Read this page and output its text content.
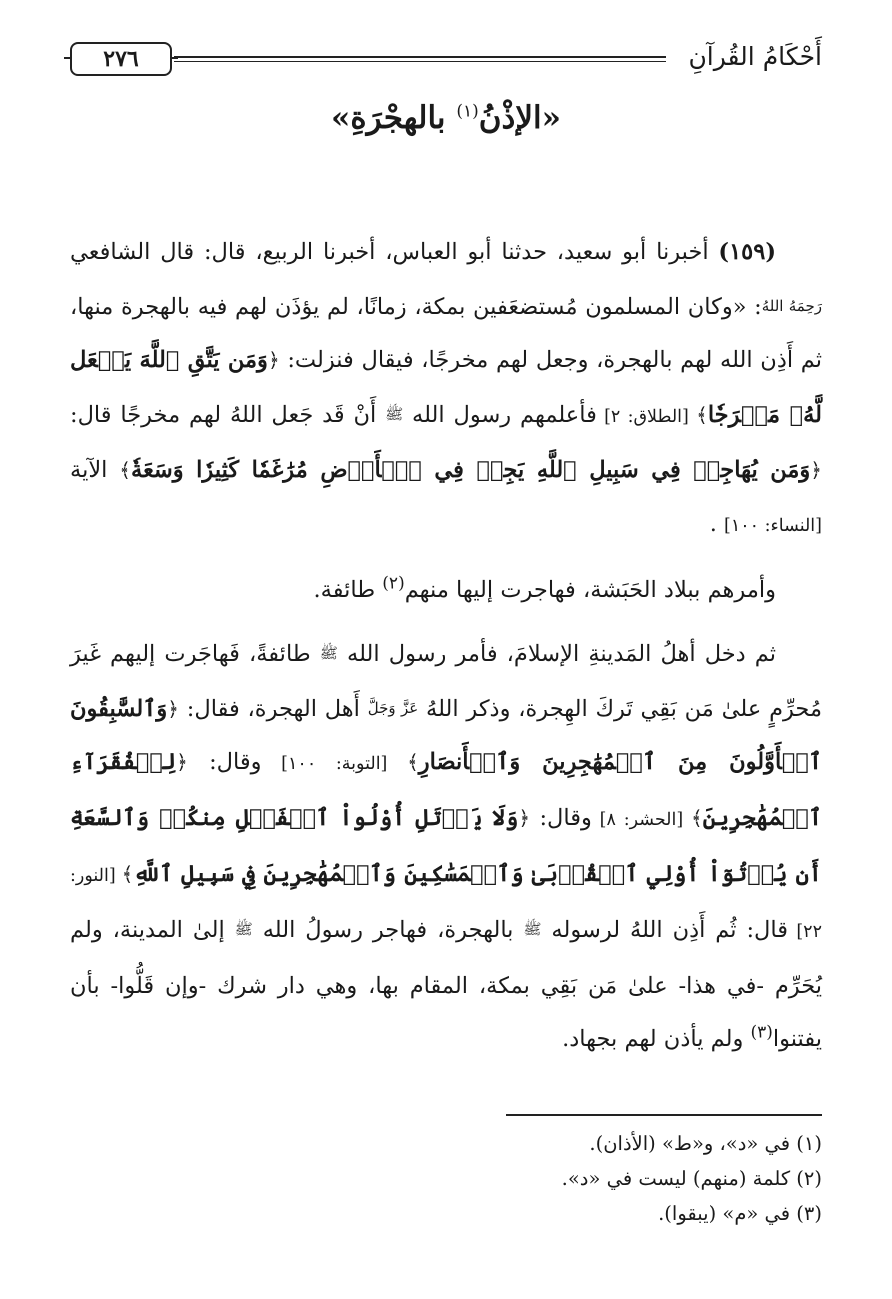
أَحْكَامُ القُرآنِ
٢٧٦
«الإذْنُ$^{(١)}$ بالهجْرَةِ»

(١٥٩) أخبرنا أبو سعيد، حدثنا أبو العباس، أخبرنا الربيع، قال: قال الشافعي رَحِمَهُ اللهُ: «وكان المسلمون مُستضعَفين بمكة، زمانًا، لم يؤذَن لهم فيه بالهجرة منها، ثم أَذِن الله لهم بالهجرة، وجعل لهم مخرجًا، فيقال فنزلت: ﴿وَمَن يَتَّقِ ٱللَّهَ يَجۡعَل لَّهُۥ مَخۡرَجٗا﴾ [الطلاق: ٢] فأعلمهم رسول الله ﷺ أَنْ قَد جَعل اللهُ لهم مخرجًا قال: ﴿وَمَن يُهَاجِرۡ فِي سَبِيلِ ٱللَّهِ يَجِدۡ فِي ٱلۡأَرۡضِ مُرَٰغَمٗا كَثِيرٗا وَسَعَةٗ﴾ الآية [النساء: ١٠٠] .

وأمرهم ببلاد الحَبَشة، فهاجرت إليها منهم$^{(٢)}$ طائفة.

ثم دخل أهلُ المَدينةِ الإسلامَ، فأمر رسول الله ﷺ طائفةً، فَهاجَرت إليهم غَيرَ مُحرِّمٍ علىٰ مَن بَقِي تَركَ الهِجرة، وذكر اللهُ عَزَّ وَجَلَّ أَهل الهجرة، فقال: ﴿وَٱلسَّٰبِقُونَ ٱلۡأَوَّلُونَ مِنَ ٱلۡمُهَٰجِرِينَ وَٱلۡأَنصَارِ﴾ [التوبة: ١٠٠] وقال: ﴿لِلۡفُقَرَآءِ ٱلۡمُهَٰجِرِينَ﴾ [الحشر: ٨] وقال: ﴿وَلَا يَأۡتَلِ أُوْلُواْ ٱلۡفَضۡلِ مِنكُمۡ وَٱلسَّعَةِ أَن يُؤۡتُوٓاْ أُوْلِي ٱلۡقُرۡبَىٰ وَٱلۡمَسَٰكِينَ وَٱلۡمُهَٰجِرِينَ فِي سَبِيلِ ٱللَّهِ﴾ [النور: ٢٢] قال: ثُم أَذِن اللهُ لرسوله ﷺ بالهجرة، فهاجر رسولُ الله ﷺ إلىٰ المدينة، ولم يُحَرِّم -في هذا- علىٰ مَن بَقِي بمكة، المقام بها، وهي دار شرك -وإن قَلُّوا- بأن يفتنوا$^{(٣)}$ ولم يأذن لهم بجهاد.

(١) في «د»، و«ط» (الأذان).

(٢) كلمة (منهم) ليست في «د».

(٣) في «م» (يبقوا).
